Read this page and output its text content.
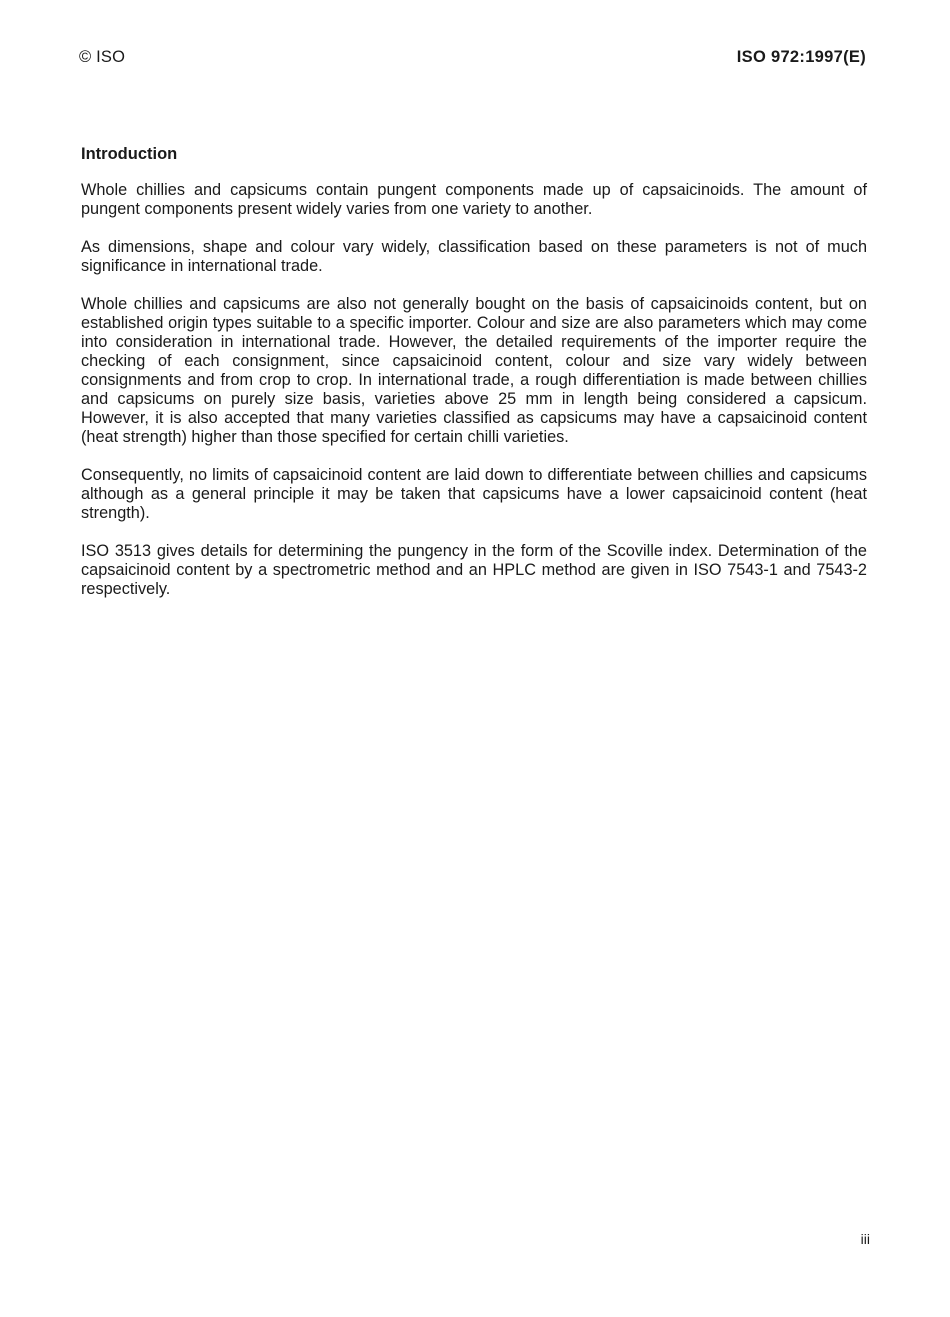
© ISO	ISO 972:1997(E)
Introduction

Whole chillies and capsicums contain pungent components made up of capsaicinoids. The amount of pungent components present widely varies from one variety to another.

As dimensions, shape and colour vary widely, classification based on these parameters is not of much significance in international trade.

Whole chillies and capsicums are also not generally bought on the basis of capsaicinoids content, but on established origin types suitable to a specific importer. Colour and size are also parameters which may come into consideration in international trade. However, the detailed requirements of the importer require the checking of each consignment, since capsaicinoid content, colour and size vary widely between consignments and from crop to crop. In international trade, a rough differentiation is made between chillies and capsicums on purely size basis, varieties above 25 mm in length being considered a capsicum. However, it is also accepted that many varieties classified as capsicums may have a capsaicinoid content (heat strength) higher than those specified for certain chilli varieties.

Consequently, no limits of capsaicinoid content are laid down to differentiate between chillies and capsicums although as a general principle it may be taken that capsicums have a lower capsaicinoid content (heat strength).

ISO 3513 gives details for determining the pungency in the form of the Scoville index. Determination of the capsaicinoid content by a spectrometric method and an HPLC method are given in ISO 7543-1 and 7543-2 respectively.

iii
